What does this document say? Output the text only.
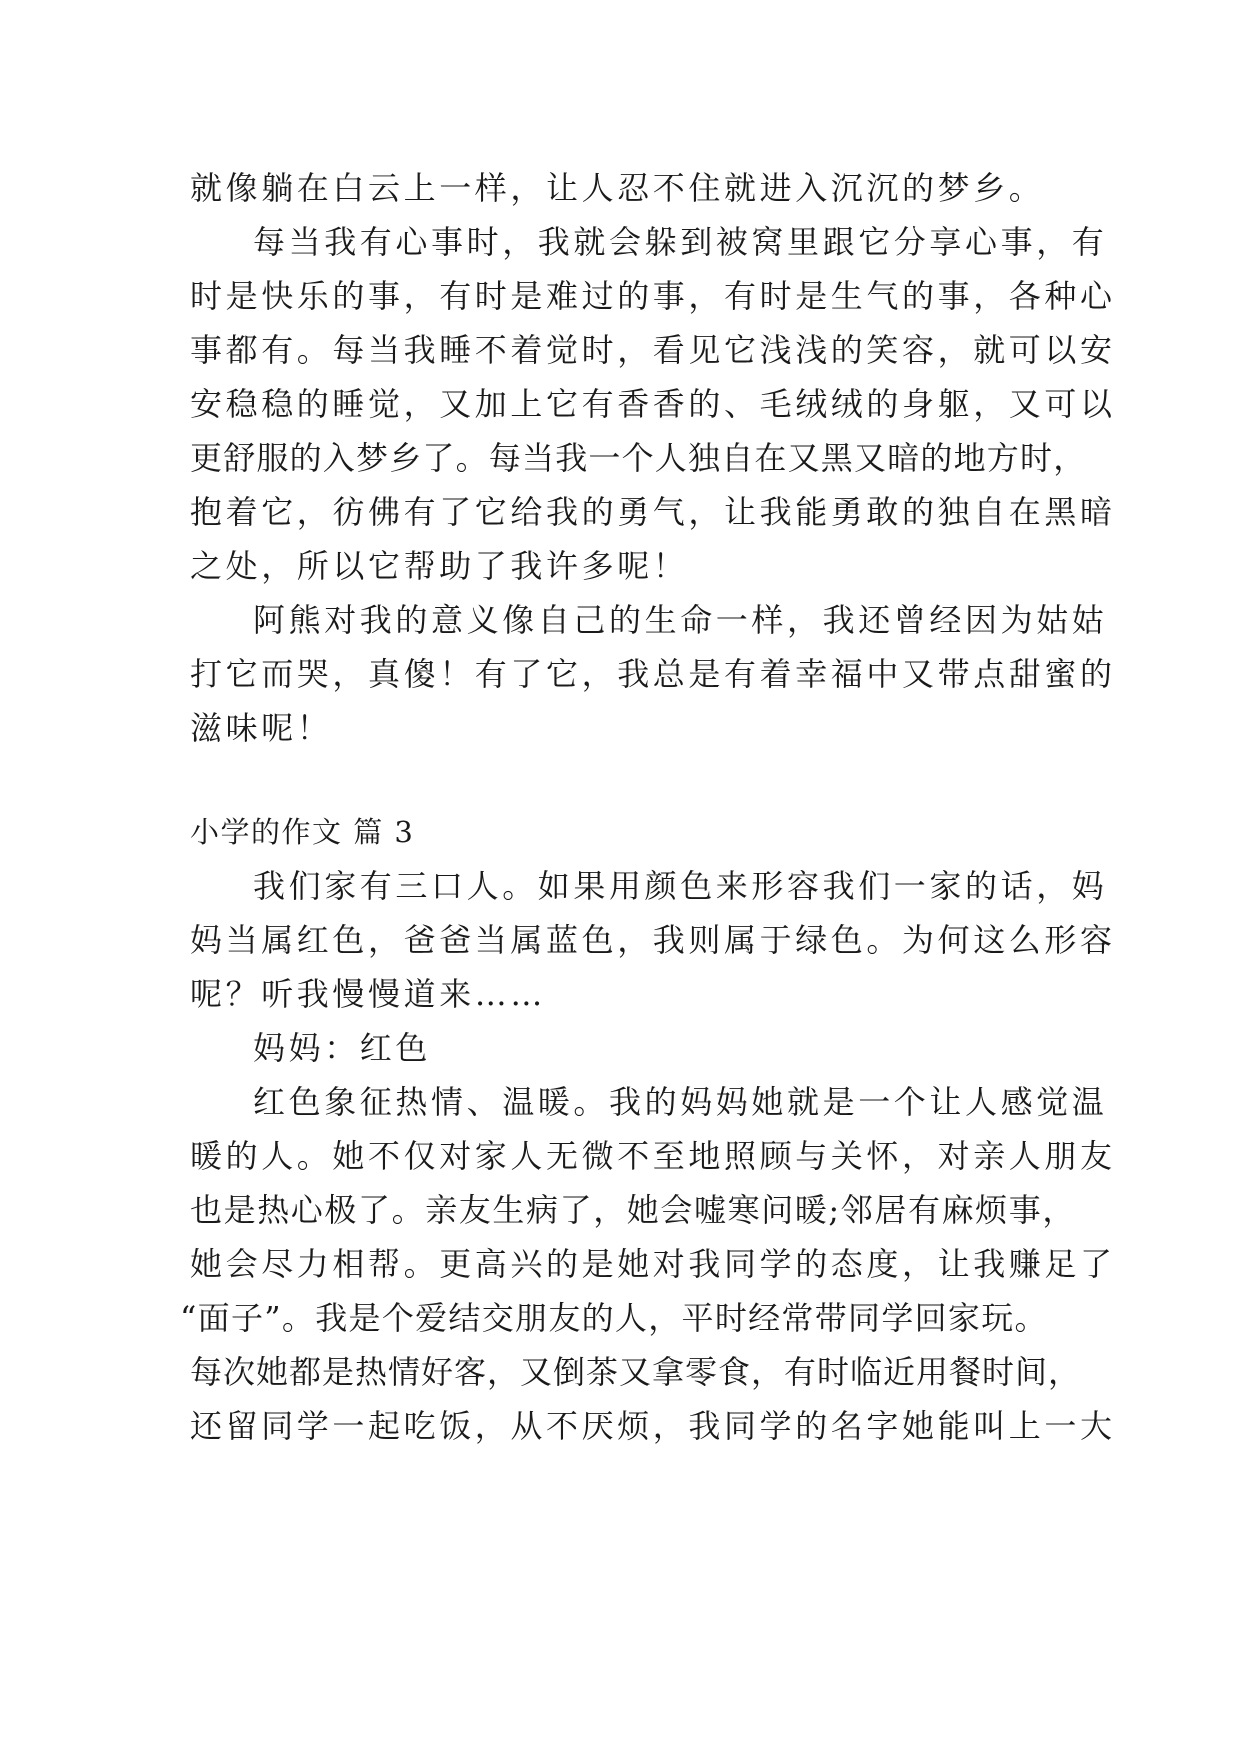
就像躺在白云上一样，让人忍不住就进入沉沉的梦乡。
每当我有心事时，我就会躲到被窝里跟它分享心事，有
时是快乐的事，有时是难过的事，有时是生气的事，各种心
事都有。每当我睡不着觉时，看见它浅浅的笑容，就可以安
安稳稳的睡觉，又加上它有香香的、毛绒绒的身躯，又可以
更舒服的入梦乡了。每当我一个人独自在又黑又暗的地方时，
抱着它，彷佛有了它给我的勇气，让我能勇敢的独自在黑暗
之处，所以它帮助了我许多呢！
阿熊对我的意义像自己的生命一样，我还曾经因为姑姑
打它而哭，真傻！有了它，我总是有着幸福中又带点甜蜜的
滋味呢！
小学的作文 篇 3
我们家有三口人。如果用颜色来形容我们一家的话，妈
妈当属红色，爸爸当属蓝色，我则属于绿色。为何这么形容
呢？听我慢慢道来……
妈妈：红色
红色象征热情、温暖。我的妈妈她就是一个让人感觉温
暖的人。她不仅对家人无微不至地照顾与关怀，对亲人朋友
也是热心极了。亲友生病了，她会嘘寒问暖;邻居有麻烦事，
她会尽力相帮。更高兴的是她对我同学的态度，让我赚足了
“面子”。我是个爱结交朋友的人，平时经常带同学回家玩。
每次她都是热情好客，又倒茶又拿零食，有时临近用餐时间，
还留同学一起吃饭，从不厌烦，我同学的名字她能叫上一大
